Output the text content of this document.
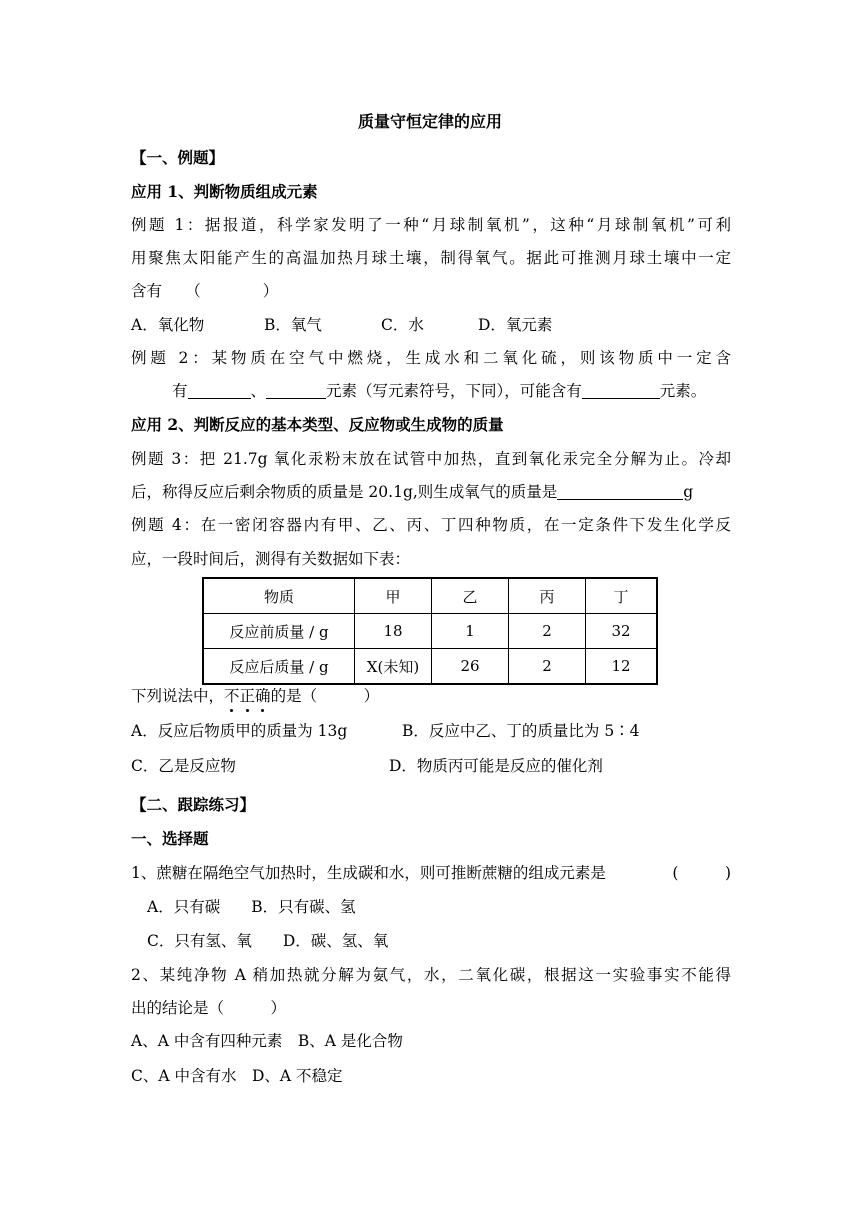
质量守恒定律的应用
【一、例题】
应用 1、判断物质组成元素
例题 1：据报道，科学家发明了一种“月球制氧机”，这种“月球制氧机”可利
用聚焦太阳能产生的高温加热月球土壤，制得氧气。据此可推测月球土壤中一定
含有　　（　　　　）
A．氧化物	B．氧气	C．水	D．氧元素
例题 2：某物质在空气中燃烧，生成水和二氧化硫，则该物质中一定含
有	、	元素（写元素符号，下同），可能含有	元素。
应用 2、判断反应的基本类型、反应物或生成物的质量
例题 3：把 21.7g 氧化汞粉末放在试管中加热，直到氧化汞完全分解为止。冷却
后，称得反应后剩余物质的质量是 20.1g,则生成氧气的质量是	g
例题 4：在一密闭容器内有甲、乙、丙、丁四种物质，在一定条件下发生化学反
应，一段时间后，测得有关数据如下表：
物质	甲	乙	丙	丁
反应前质量 / g	18	1	2	32
反应后质量 / g	X(未知)	26	2	12
下列说法中，不正确的是（　　　）
A．反应后物质甲的质量为 13g	B．反应中乙、丁的质量比为 5∶4
C．乙是反应物	D．物质丙可能是反应的催化剂
【二、跟踪练习】
一、选择题
1、蔗糖在隔绝空气加热时，生成碳和水，则可推断蔗糖的组成元素是	(　　　)
A．只有碳　　B．只有碳、氢
C．只有氢、氧　　D．碳、氢、氧
2、某纯净物 A 稍加热就分解为氨气，水，二氧化碳，根据这一实验事实不能得
出的结论是（　　　）
A、A 中含有四种元素　B、A 是化合物
C、A 中含有水　D、A 不稳定
